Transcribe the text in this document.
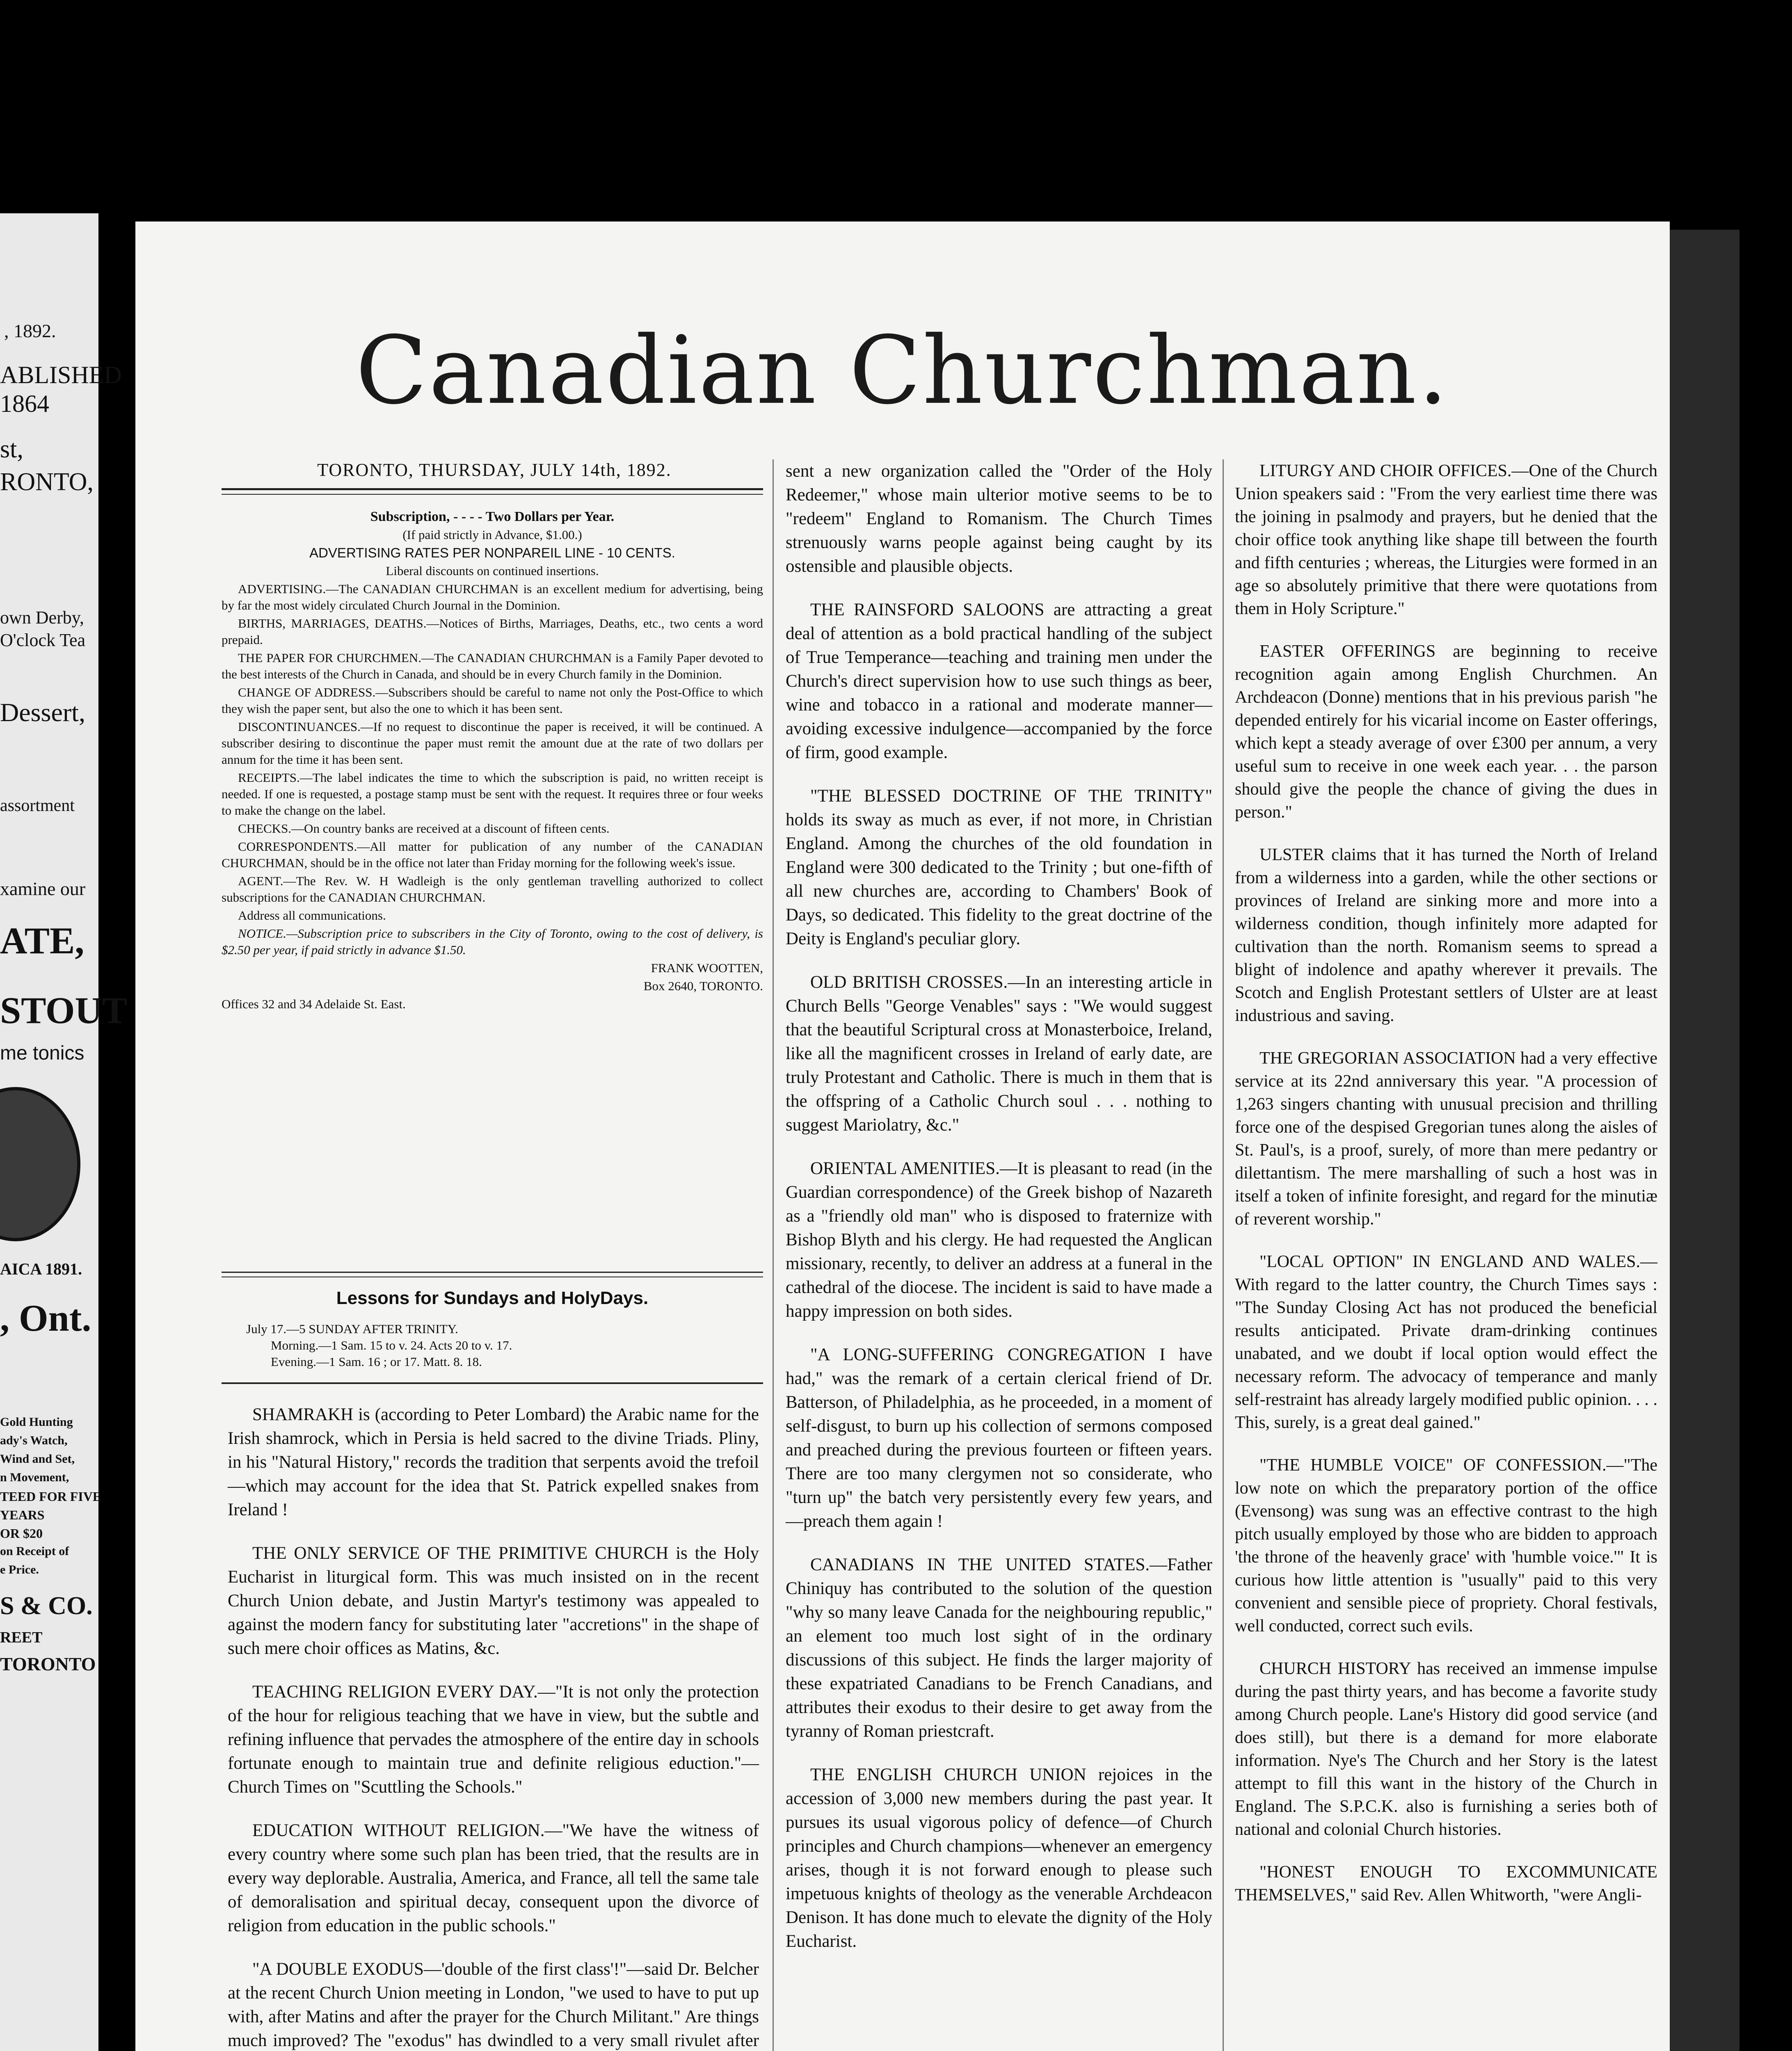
, 1892.
ABLISHED
1864
st,
RONTO,
own Derby,
O'clock Tea
Dessert,
assortment
xamine our
ATE,
STOUT
me tonics
AICA 1891.
, Ont.
Gold Hunting
ady's Watch,
Wind and Set,
n Movement,
TEED FOR FIVE
YEARS
OR $20
on Receipt of
e Price.
S & CO.
REET
TORONTO
Canadian Churchman.
TORONTO, THURSDAY, JULY 14th, 1892.

Subscription, - - - - Two Dollars per Year.

(If paid strictly in Advance, $1.00.)

ADVERTISING RATES PER NONPAREIL LINE - 10 CENTS.

Liberal discounts on continued insertions.

ADVERTISING.—The CANADIAN CHURCHMAN is an excellent medium for advertising, being by far the most widely circulated Church Journal in the Dominion.

BIRTHS, MARRIAGES, DEATHS.—Notices of Births, Marriages, Deaths, etc., two cents a word prepaid.

THE PAPER FOR CHURCHMEN.—The CANADIAN CHURCHMAN is a Family Paper devoted to the best interests of the Church in Canada, and should be in every Church family in the Dominion.

CHANGE OF ADDRESS.—Subscribers should be careful to name not only the Post-Office to which they wish the paper sent, but also the one to which it has been sent.

DISCONTINUANCES.—If no request to discontinue the paper is received, it will be continued. A subscriber desiring to discontinue the paper must remit the amount due at the rate of two dollars per annum for the time it has been sent.

RECEIPTS.—The label indicates the time to which the subscription is paid, no written receipt is needed. If one is requested, a postage stamp must be sent with the request. It requires three or four weeks to make the change on the label.

CHECKS.—On country banks are received at a discount of fifteen cents.

CORRESPONDENTS.—All matter for publication of any number of the CANADIAN CHURCHMAN, should be in the office not later than Friday morning for the following week's issue.

AGENT.—The Rev. W. H Wadleigh is the only gentleman travelling authorized to collect subscriptions for the CANADIAN CHURCHMAN.

Address all communications.

NOTICE.—Subscription price to subscribers in the City of Toronto, owing to the cost of delivery, is $2.50 per year, if paid strictly in advance $1.50.

FRANK WOOTTEN,

Box 2640, TORONTO.

Offices 32 and 34 Adelaide St. East.

Lessons for Sundays and HolyDays.
July 17.—5 SUNDAY AFTER TRINITY.
Morning.—1 Sam. 15 to v. 24. Acts 20 to v. 17.
Evening.—1 Sam. 16 ; or 17. Matt. 8. 18.

SHAMRAKH is (according to Peter Lombard) the Arabic name for the Irish shamrock, which in Persia is held sacred to the divine Triads. Pliny, in his "Natural History," records the tradition that serpents avoid the trefoil—which may account for the idea that St. Patrick expelled snakes from Ireland !

THE ONLY SERVICE OF THE PRIMITIVE CHURCH is the Holy Eucharist in liturgical form. This was much insisted on in the recent Church Union debate, and Justin Martyr's testimony was appealed to against the modern fancy for substituting later "accretions" in the shape of such mere choir offices as Matins, &c.

TEACHING RELIGION EVERY DAY.—"It is not only the protection of the hour for religious teaching that we have in view, but the subtle and refining influence that pervades the atmosphere of the entire day in schools fortunate enough to maintain true and definite religious eduction."—Church Times on "Scuttling the Schools."

EDUCATION WITHOUT RELIGION.—"We have the witness of every country where some such plan has been tried, that the results are in every way deplorable. Australia, America, and France, all tell the same tale of demoralisation and spiritual decay, consequent upon the divorce of religion from education in the public schools."

"A DOUBLE EXODUS—'double of the first class'!"—said Dr. Belcher at the recent Church Union meeting in London, "we used to have to put up with, after Matins and after the prayer for the Church Militant." Are things much improved? The "exodus" has dwindled to a very small rivulet after

sent a new organization called the "Order of the Holy Redeemer," whose main ulterior motive seems to be to "redeem" England to Romanism. The Church Times strenuously warns people against being caught by its ostensible and plausible objects.

THE RAINSFORD SALOONS are attracting a great deal of attention as a bold practical handling of the subject of True Temperance—teaching and training men under the Church's direct supervision how to use such things as beer, wine and tobacco in a rational and moderate manner—avoiding excessive indulgence—accompanied by the force of firm, good example.

"THE BLESSED DOCTRINE OF THE TRINITY" holds its sway as much as ever, if not more, in Christian England. Among the churches of the old foundation in England were 300 dedicated to the Trinity ; but one-fifth of all new churches are, according to Chambers' Book of Days, so dedicated. This fidelity to the great doctrine of the Deity is England's peculiar glory.

OLD BRITISH CROSSES.—In an interesting article in Church Bells "George Venables" says : "We would suggest that the beautiful Scriptural cross at Monasterboice, Ireland, like all the magnificent crosses in Ireland of early date, are truly Protestant and Catholic. There is much in them that is the offspring of a Catholic Church soul . . . nothing to suggest Mariolatry, &c."

ORIENTAL AMENITIES.—It is pleasant to read (in the Guardian correspondence) of the Greek bishop of Nazareth as a "friendly old man" who is disposed to fraternize with Bishop Blyth and his clergy. He had requested the Anglican missionary, recently, to deliver an address at a funeral in the cathedral of the diocese. The incident is said to have made a happy impression on both sides.

"A LONG-SUFFERING CONGREGATION I have had," was the remark of a certain clerical friend of Dr. Batterson, of Philadelphia, as he proceeded, in a moment of self-disgust, to burn up his collection of sermons composed and preached during the previous fourteen or fifteen years. There are too many clergymen not so considerate, who "turn up" the batch very persistently every few years, and —preach them again !

CANADIANS IN THE UNITED STATES.—Father Chiniquy has contributed to the solution of the question "why so many leave Canada for the neighbouring republic," an element too much lost sight of in the ordinary discussions of this subject. He finds the larger majority of these expatriated Canadians to be French Canadians, and attributes their exodus to their desire to get away from the tyranny of Roman priestcraft.

THE ENGLISH CHURCH UNION rejoices in the accession of 3,000 new members during the past year. It pursues its usual vigorous policy of defence—of Church principles and Church champions—whenever an emergency arises, though it is not forward enough to please such impetuous knights of theology as the venerable Archdeacon Denison. It has done much to elevate the dignity of the Holy Eucharist.

LITURGY AND CHOIR OFFICES.—One of the Church Union speakers said : "From the very earliest time there was the joining in psalmody and prayers, but he denied that the choir office took anything like shape till between the fourth and fifth centuries ; whereas, the Liturgies were formed in an age so absolutely primitive that there were quotations from them in Holy Scripture."

EASTER OFFERINGS are beginning to receive recognition again among English Churchmen. An Archdeacon (Donne) mentions that in his previous parish "he depended entirely for his vicarial income on Easter offerings, which kept a steady average of over £300 per annum, a very useful sum to receive in one week each year. . . the parson should give the people the chance of giving the dues in person."

ULSTER claims that it has turned the North of Ireland from a wilderness into a garden, while the other sections or provinces of Ireland are sinking more and more into a wilderness condition, though infinitely more adapted for cultivation than the north. Romanism seems to spread a blight of indolence and apathy wherever it prevails. The Scotch and English Protestant settlers of Ulster are at least industrious and saving.

THE GREGORIAN ASSOCIATION had a very effective service at its 22nd anniversary this year. "A procession of 1,263 singers chanting with unusual precision and thrilling force one of the despised Gregorian tunes along the aisles of St. Paul's, is a proof, surely, of more than mere pedantry or dilettantism. The mere marshalling of such a host was in itself a token of infinite foresight, and regard for the minutiæ of reverent worship."

"LOCAL OPTION" IN ENGLAND AND WALES.—With regard to the latter country, the Church Times says : "The Sunday Closing Act has not produced the beneficial results anticipated. Private dram-drinking continues unabated, and we doubt if local option would effect the necessary reform. The advocacy of temperance and manly self-restraint has already largely modified public opinion. . . . This, surely, is a great deal gained."

"THE HUMBLE VOICE" OF CONFESSION.—"The low note on which the preparatory portion of the office (Evensong) was sung was an effective contrast to the high pitch usually employed by those who are bidden to approach 'the throne of the heavenly grace' with 'humble voice.'" It is curious how little attention is "usually" paid to this very convenient and sensible piece of propriety. Choral festivals, well conducted, correct such evils.

CHURCH HISTORY has received an immense impulse during the past thirty years, and has become a favorite study among Church people. Lane's History did good service (and does still), but there is a demand for more elaborate information. Nye's The Church and her Story is the latest attempt to fill this want in the history of the Church in England. The S.P.C.K. also is furnishing a series both of national and colonial Church histories.

"HONEST ENOUGH TO EXCOMMUNICATE THEMSELVES," said Rev. Allen Whitworth, "were Angli-
